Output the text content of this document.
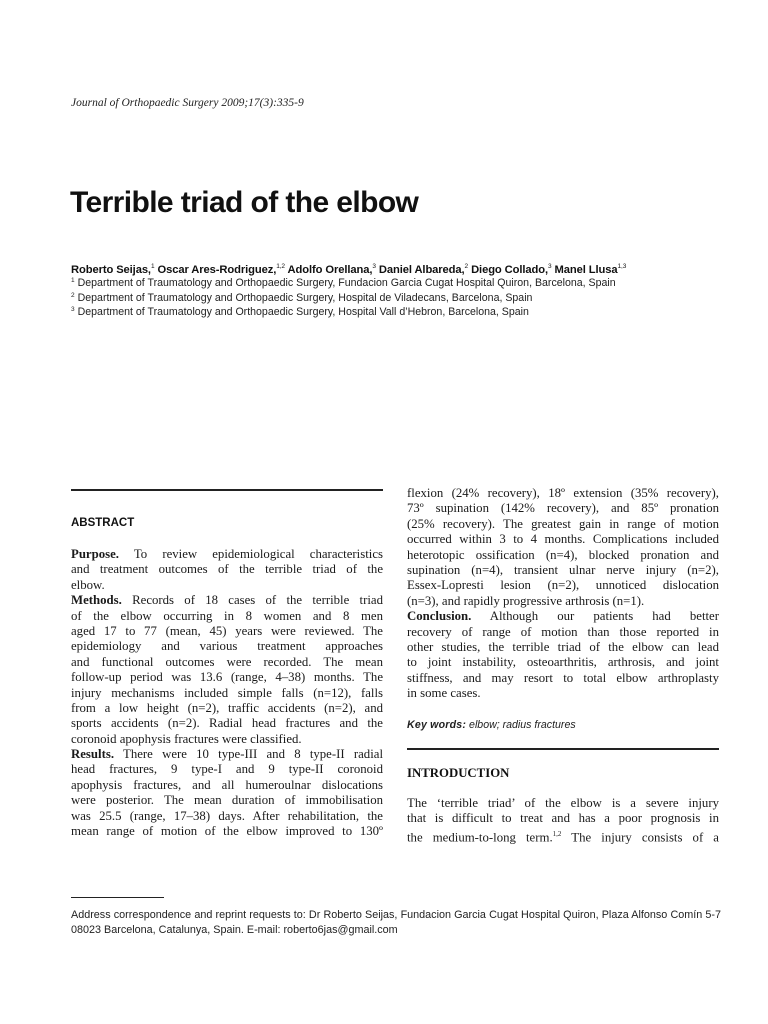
Journal of Orthopaedic Surgery 2009;17(3):335-9
Terrible triad of the elbow
Roberto Seijas,$^1$ Oscar Ares-Rodriguez,$^{1,2}$ Adolfo Orellana,$^3$ Daniel Albareda,$^2$ Diego Collado,$^3$ Manel Llusa$^{1,3}$
$^1$ Department of Traumatology and Orthopaedic Surgery, Fundacion Garcia Cugat Hospital Quiron, Barcelona, Spain
$^2$ Department of Traumatology and Orthopaedic Surgery, Hospital de Viladecans, Barcelona, Spain
$^3$ Department of Traumatology and Orthopaedic Surgery, Hospital Vall d’Hebron, Barcelona, Spain
ABSTRACT
Purpose. To review epidemiological characteristics
and treatment outcomes of the terrible triad of the
elbow.
Methods. Records of 18 cases of the terrible triad
of the elbow occurring in 8 women and 8 men
aged 17 to 77 (mean, 45) years were reviewed. The
epidemiology and various treatment approaches
and functional outcomes were recorded. The mean
follow-up period was 13.6 (range, 4–38) months. The
injury mechanisms included simple falls (n=12), falls
from a low height (n=2), traffic accidents (n=2), and
sports accidents (n=2). Radial head fractures and the
coronoid apophysis fractures were classified.
Results. There were 10 type-III and 8 type-II radial
head fractures, 9 type-I and 9 type-II coronoid
apophysis fractures, and all humeroulnar dislocations
were posterior. The mean duration of immobilisation
was 25.5 (range, 17–38) days. After rehabilitation, the
mean range of motion of the elbow improved to 130º
flexion (24% recovery), 18º extension (35% recovery),
73º supination (142% recovery), and 85º pronation
(25% recovery). The greatest gain in range of motion
occurred within 3 to 4 months. Complications included
heterotopic ossification (n=4), blocked pronation and
supination (n=4), transient ulnar nerve injury (n=2),
Essex-Lopresti lesion (n=2), unnoticed dislocation
(n=3), and rapidly progressive arthrosis (n=1).
Conclusion. Although our patients had better
recovery of range of motion than those reported in
other studies, the terrible triad of the elbow can lead
to joint instability, osteoarthritis, arthrosis, and joint
stiffness, and may resort to total elbow arthroplasty
in some cases.
Key words: elbow; radius fractures
INTRODUCTION
The ‘terrible triad’ of the elbow is a severe injury
that is difficult to treat and has a poor prognosis in
the medium-to-long term.$^{1,2}$ The injury consists of a
Address correspondence and reprint requests to: Dr Roberto Seijas, Fundacion Garcia Cugat Hospital Quiron, Plaza Alfonso Comín 5-7 08023 Barcelona, Catalunya, Spain. E-mail: roberto6jas@gmail.com
